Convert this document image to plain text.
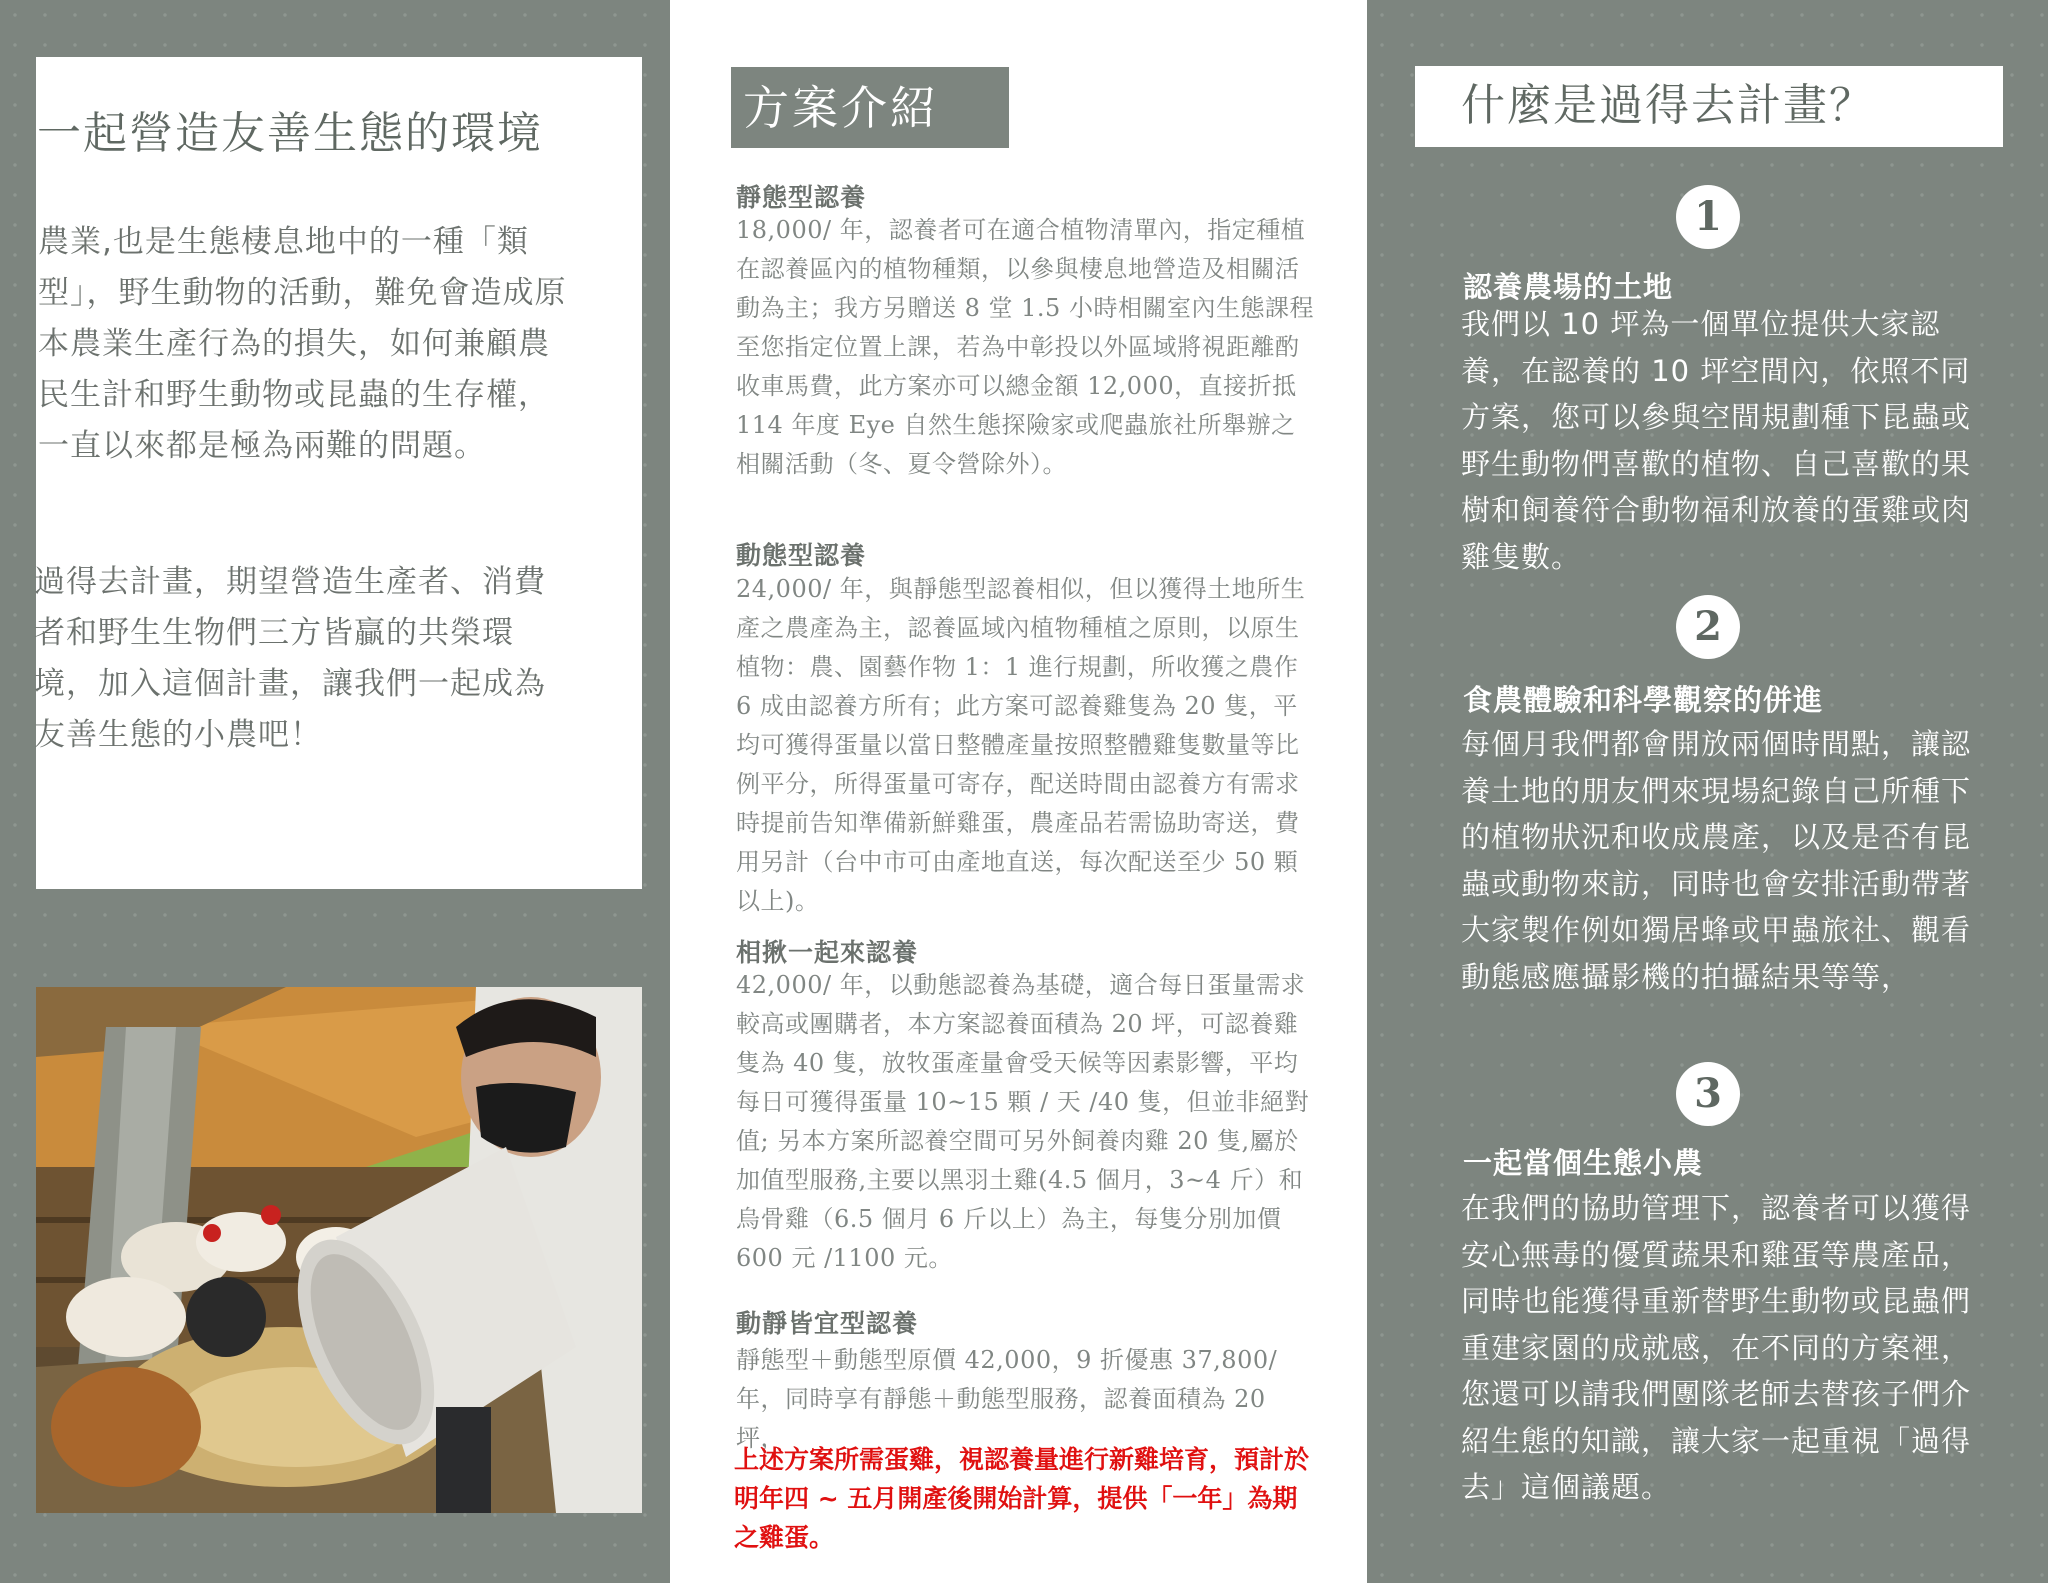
一起營造友善生態的環境

農業,也是生態棲息地中的一種「類型」，野生動物的活動，難免會造成原本農業生產行為的損失，如何兼顧農民生計和野生動物或昆蟲的生存權，一直以來都是極為兩難的問題。

過得去計畫，期望營造生產者、消費者和野生生物們三方皆贏的共榮環境，加入這個計畫，讓我們一起成為友善生態的小農吧！

方案介紹
靜態型認養

18,000/ 年，認養者可在適合植物清單內，指定種植在認養區內的植物種類，以參與棲息地營造及相關活動為主；我方另贈送 8 堂 1.5 小時相關室內生態課程至您指定位置上課，若為中彰投以外區域將視距離酌收車馬費，此方案亦可以總金額 12,000，直接折抵 114 年度 Eye 自然生態探險家或爬蟲旅社所舉辦之相關活動（冬、夏令營除外）。

動態型認養

24,000/ 年，與靜態型認養相似，但以獲得土地所生產之農產為主，認養區域內植物種植之原則，以原生植物：農、園藝作物 1：1 進行規劃，所收獲之農作 6 成由認養方所有；此方案可認養雞隻為 20 隻，平均可獲得蛋量以當日整體產量按照整體雞隻數量等比例平分，所得蛋量可寄存，配送時間由認養方有需求時提前告知準備新鮮雞蛋，農產品若需協助寄送，費用另計（台中市可由產地直送，每次配送至少 50 顆以上)。

相揪一起來認養

42,000/ 年，以動態認養為基礎，適合每日蛋量需求較高或團購者，本方案認養面積為 20 坪，可認養雞隻為 40 隻，放牧蛋產量會受天候等因素影響，平均每日可獲得蛋量 10~15 顆 / 天 /40 隻，但並非絕對值; 另本方案所認養空間可另外飼養肉雞 20 隻,屬於加值型服務,主要以黑羽土雞(4.5 個月，3~4 斤）和烏骨雞（6.5 個月 6 斤以上）為主，每隻分別加價 600 元 /1100 元。

動靜皆宜型認養

靜態型＋動態型原價 42,000，9 折優惠 37,800/ 年，同時享有靜態＋動態型服務，認養面積為 20 坪，

上述方案所需蛋雞，視認養量進行新雞培育，預計於明年四 ~ 五月開產後開始計算，提供「一年」為期之雞蛋。

什麼是過得去計畫？
1
認養農場的土地

我們以 10 坪為一個單位提供大家認養，在認養的 10 坪空間內，依照不同方案，您可以參與空間規劃種下昆蟲或野生動物們喜歡的植物、自己喜歡的果樹和飼養符合動物福利放養的蛋雞或肉雞隻數。

2
食農體驗和科學觀察的併進

每個月我們都會開放兩個時間點，讓認養土地的朋友們來現場紀錄自己所種下的植物狀況和收成農產，以及是否有昆蟲或動物來訪，同時也會安排活動帶著大家製作例如獨居蜂或甲蟲旅社、觀看動態感應攝影機的拍攝結果等等，

3
一起當個生態小農

在我們的協助管理下，認養者可以獲得安心無毒的優質蔬果和雞蛋等農產品，同時也能獲得重新替野生動物或昆蟲們重建家園的成就感，在不同的方案裡，您還可以請我們團隊老師去替孩子們介紹生態的知識，讓大家一起重視「過得去」這個議題。
